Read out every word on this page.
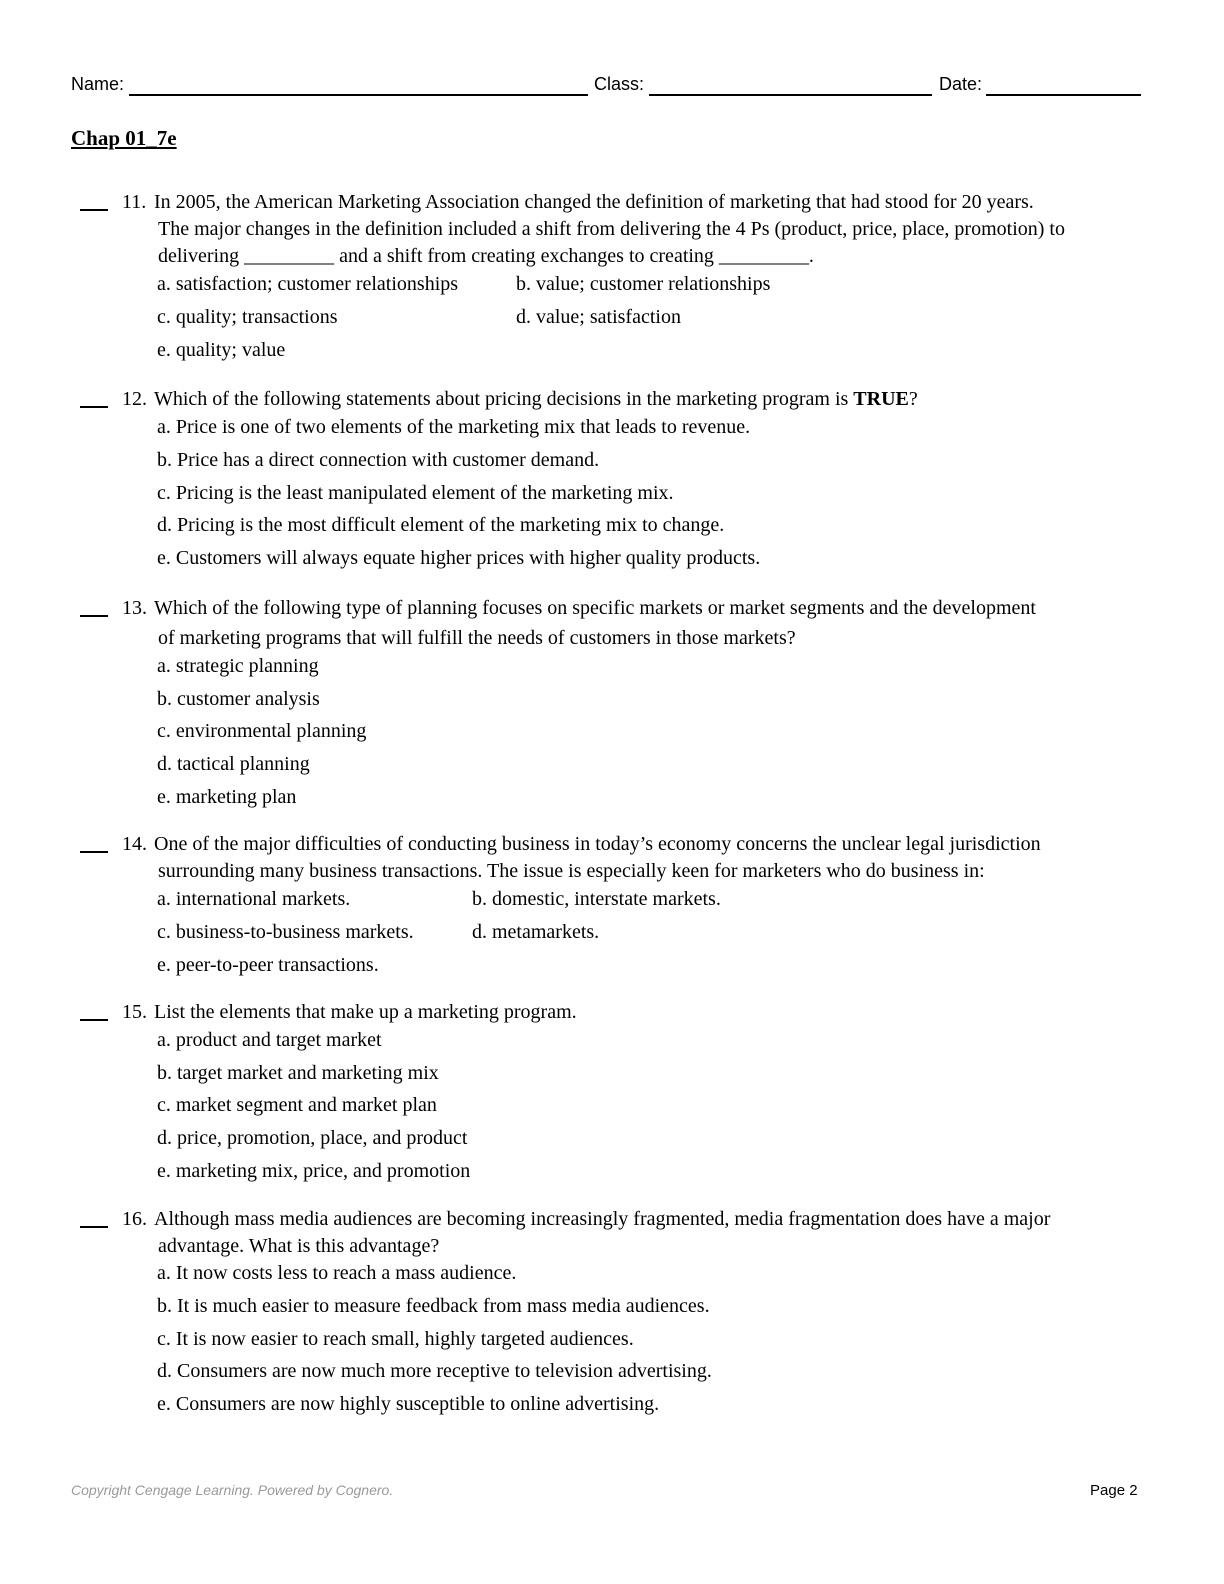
Name:	Class:	Date:
Chap 01_7e
11. In 2005, the American Marketing Association changed the definition of marketing that had stood for 20 years.
The major changes in the definition included a shift from delivering the 4 Ps (product, price, place, promotion) to
delivering _________ and a shift from creating exchanges to creating _________.
a. satisfaction; customer relationships	b. value; customer relationships
c. quality; transactions	d. value; satisfaction
e. quality; value
12. Which of the following statements about pricing decisions in the marketing program is TRUE?
a. Price is one of two elements of the marketing mix that leads to revenue.
b. Price has a direct connection with customer demand.
c. Pricing is the least manipulated element of the marketing mix.
d. Pricing is the most difficult element of the marketing mix to change.
e. Customers will always equate higher prices with higher quality products.
13. Which of the following type of planning focuses on specific markets or market segments and the development
of marketing programs that will fulfill the needs of customers in those markets?
a. strategic planning
b. customer analysis
c. environmental planning
d. tactical planning
e. marketing plan
14. One of the major difficulties of conducting business in today’s economy concerns the unclear legal jurisdiction
surrounding many business transactions. The issue is especially keen for marketers who do business in:
a. international markets.	b. domestic, interstate markets.
c. business-to-business markets.	d. metamarkets.
e. peer-to-peer transactions.
15. List the elements that make up a marketing program.
a. product and target market
b. target market and marketing mix
c. market segment and market plan
d. price, promotion, place, and product
e. marketing mix, price, and promotion
16. Although mass media audiences are becoming increasingly fragmented, media fragmentation does have a major
advantage. What is this advantage?
a. It now costs less to reach a mass audience.
b. It is much easier to measure feedback from mass media audiences.
c. It is now easier to reach small, highly targeted audiences.
d. Consumers are now much more receptive to television advertising.
e. Consumers are now highly susceptible to online advertising.
Copyright Cengage Learning. Powered by Cognero.	Page 2
